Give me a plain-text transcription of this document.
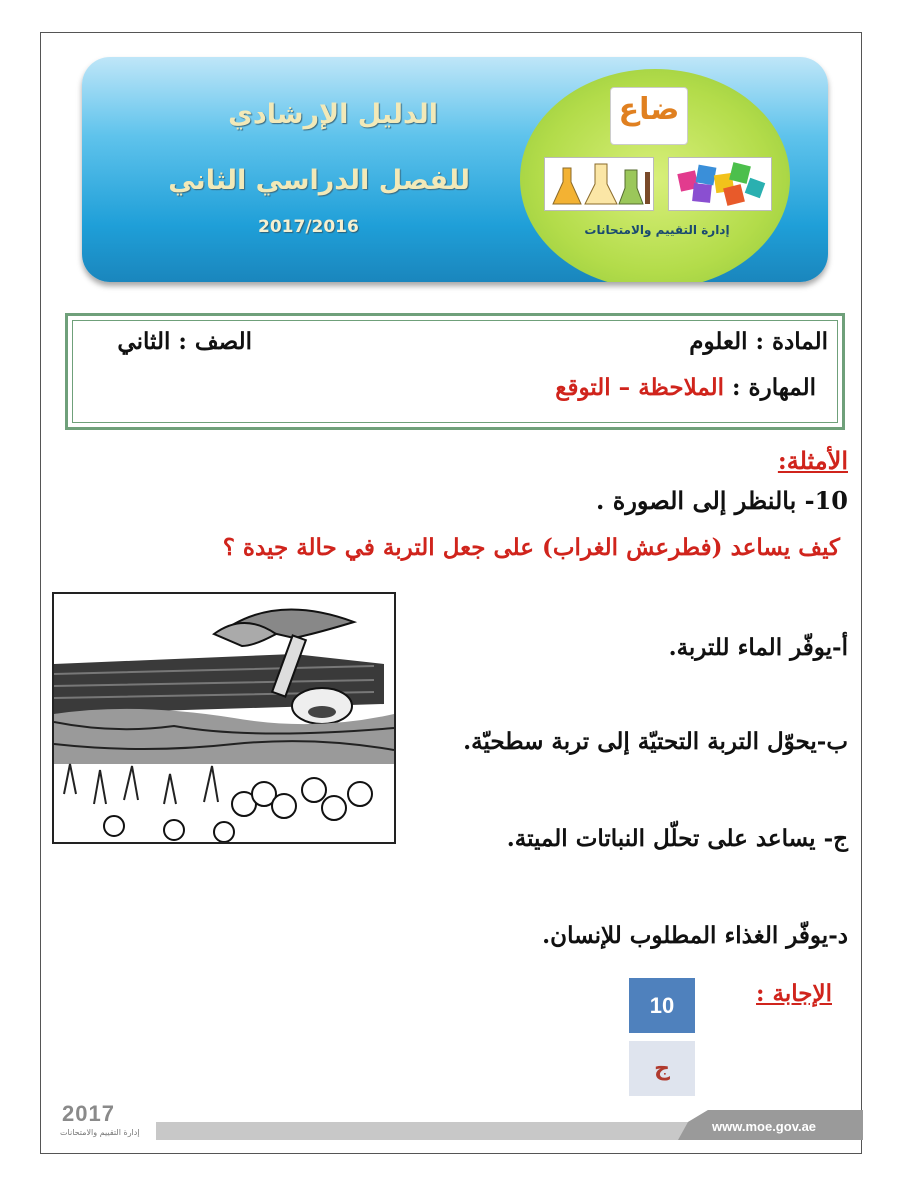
الدليل الإرشادي
للفصل الدراسي الثاني
2017/2016
ضاع
إدارة التقييم والامتحانات
المادة : العلوم
الصف : الثاني
المهارة : الملاحظة – التوقع
الأمثلة:
10- بالنظر إلى الصورة .
كيف يساعد (فطرعش الغراب) على جعل التربة في حالة جيدة ؟
أ-يوفّر الماء للتربة.
ب-يحوّل التربة التحتيّة إلى تربة سطحيّة.
ج- يساعد على تحلّل النباتات الميتة.
د-يوفّر الغذاء المطلوب للإنسان.
الإجابة :
10
ج
2017
إدارة التقييم والامتحانات	www.moe.gov.ae
